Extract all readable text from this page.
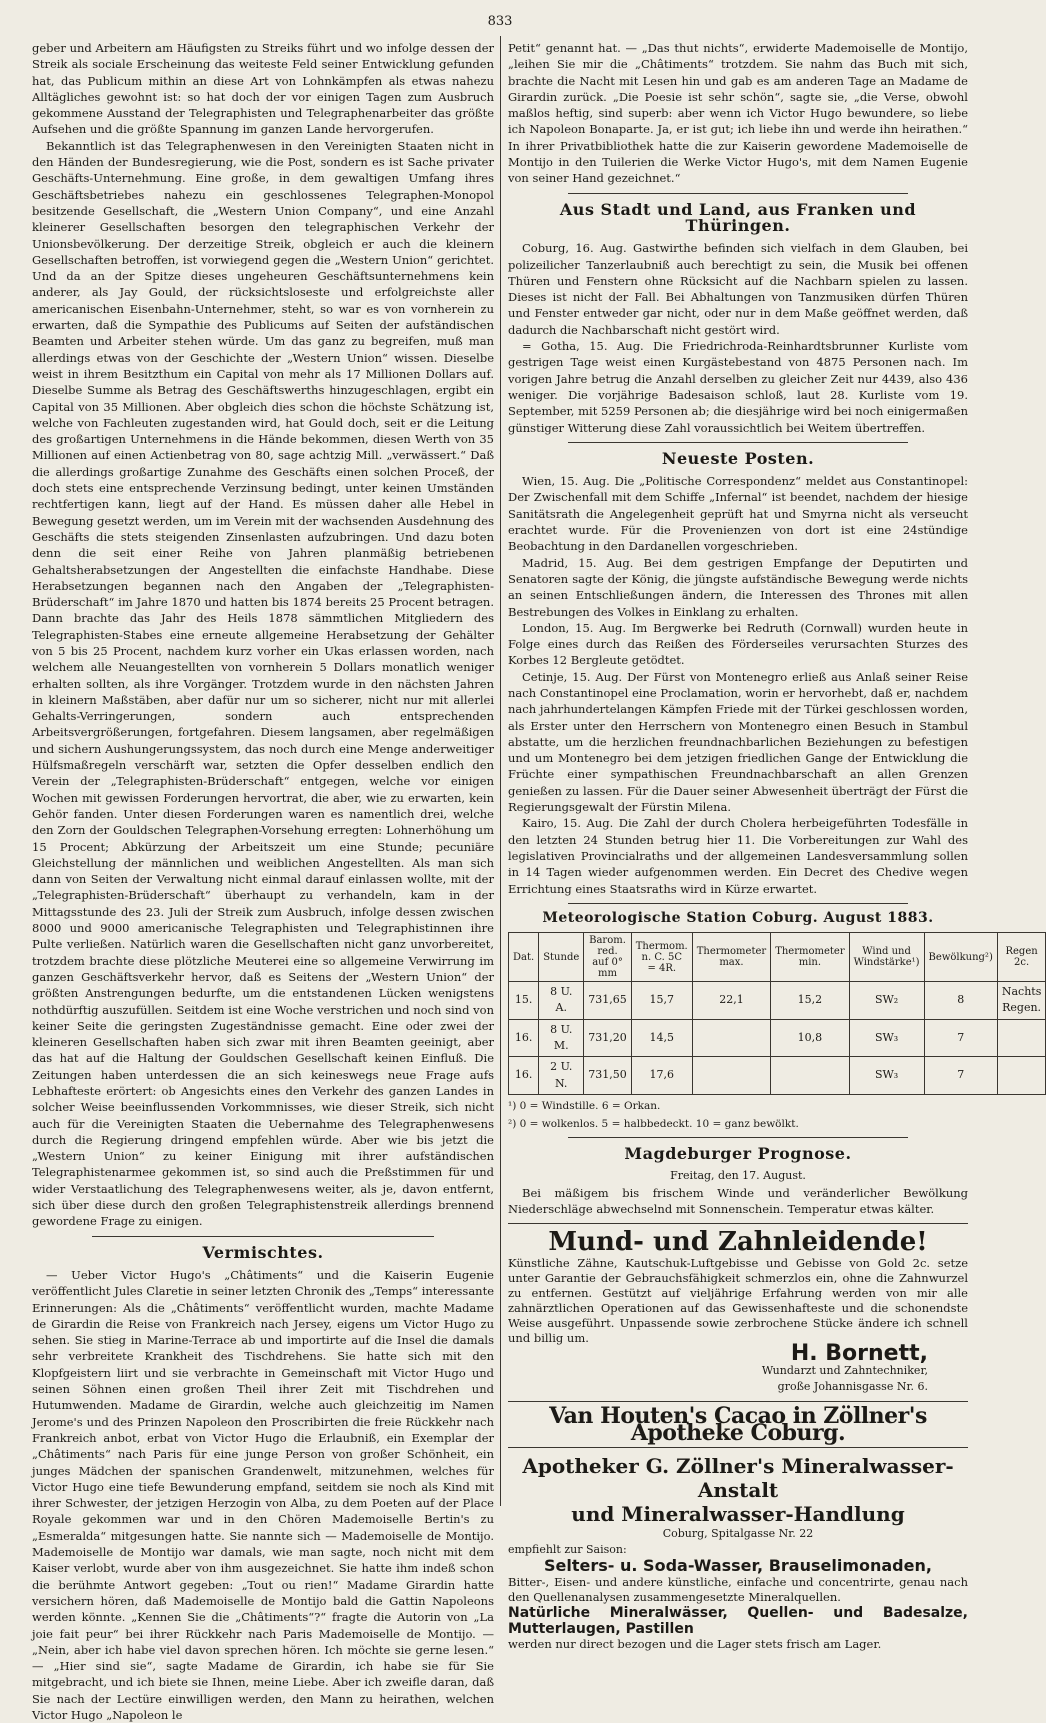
833

geber und Arbeitern am Häufigsten zu Streiks führt und wo infolge dessen der Streik als sociale Erscheinung das weiteste Feld seiner Entwicklung gefunden hat, das Publicum mithin an diese Art von Lohnkämpfen als etwas nahezu Alltägliches gewohnt ist: so hat doch der vor einigen Tagen zum Ausbruch gekommene Ausstand der Telegraphisten und Telegraphenarbeiter das größte Aufsehen und die größte Spannung im ganzen Lande hervorgerufen.

Bekanntlich ist das Telegraphenwesen in den Vereinigten Staaten nicht in den Händen der Bundesregierung, wie die Post, sondern es ist Sache privater Geschäfts-Unternehmung. Eine große, in dem gewaltigen Umfang ihres Geschäftsbetriebes nahezu ein geschlossenes Telegraphen-Monopol besitzende Gesellschaft, die „Western Union Company“, und eine Anzahl kleinerer Gesellschaften besorgen den telegraphischen Verkehr der Unionsbevölkerung. Der derzeitige Streik, obgleich er auch die kleinern Gesellschaften betroffen, ist vorwiegend gegen die „Western Union“ gerichtet. Und da an der Spitze dieses ungeheuren Geschäftsunternehmens kein anderer, als Jay Gould, der rücksichtsloseste und erfolgreichste aller americanischen Eisenbahn-Unternehmer, steht, so war es von vornherein zu erwarten, daß die Sympathie des Publicums auf Seiten der aufständischen Beamten und Arbeiter stehen würde. Um das ganz zu begreifen, muß man allerdings etwas von der Geschichte der „Western Union“ wissen. Dieselbe weist in ihrem Besitzthum ein Capital von mehr als 17 Millionen Dollars auf. Dieselbe Summe als Betrag des Geschäftswerths hinzugeschlagen, ergibt ein Capital von 35 Millionen. Aber obgleich dies schon die höchste Schätzung ist, welche von Fachleuten zugestanden wird, hat Gould doch, seit er die Leitung des großartigen Unternehmens in die Hände bekommen, diesen Werth von 35 Millionen auf einen Actienbetrag von 80, sage achtzig Mill. „verwässert.“ Daß die allerdings großartige Zunahme des Geschäfts einen solchen Proceß, der doch stets eine entsprechende Verzinsung bedingt, unter keinen Umständen rechtfertigen kann, liegt auf der Hand. Es müssen daher alle Hebel in Bewegung gesetzt werden, um im Verein mit der wachsenden Ausdehnung des Geschäfts die stets steigenden Zinsenlasten aufzubringen. Und dazu boten denn die seit einer Reihe von Jahren planmäßig betriebenen Gehaltsherabsetzungen der Angestellten die einfachste Handhabe. Diese Herabsetzungen begannen nach den Angaben der „Telegraphisten-Brüderschaft“ im Jahre 1870 und hatten bis 1874 bereits 25 Procent betragen. Dann brachte das Jahr des Heils 1878 sämmtlichen Mitgliedern des Telegraphisten-Stabes eine erneute allgemeine Herabsetzung der Gehälter von 5 bis 25 Procent, nachdem kurz vorher ein Ukas erlassen worden, nach welchem alle Neuangestellten von vornherein 5 Dollars monatlich weniger erhalten sollten, als ihre Vorgänger. Trotzdem wurde in den nächsten Jahren in kleinern Maßstäben, aber dafür nur um so sicherer, nicht nur mit allerlei Gehalts-Verringerungen, sondern auch entsprechenden Arbeitsvergrößerungen, fortgefahren. Diesem langsamen, aber regelmäßigen und sichern Aushungerungssystem, das noch durch eine Menge anderweitiger Hülfsmaßregeln verschärft war, setzten die Opfer desselben endlich den Verein der „Telegraphisten-Brüderschaft“ entgegen, welche vor einigen Wochen mit gewissen Forderungen hervortrat, die aber, wie zu erwarten, kein Gehör fanden. Unter diesen Forderungen waren es namentlich drei, welche den Zorn der Gouldschen Telegraphen-Vorsehung erregten: Lohnerhöhung um 15 Procent; Abkürzung der Arbeitszeit um eine Stunde; pecuniäre Gleichstellung der männlichen und weiblichen Angestellten. Als man sich dann von Seiten der Verwaltung nicht einmal darauf einlassen wollte, mit der „Telegraphisten-Brüderschaft“ überhaupt zu verhandeln, kam in der Mittagsstunde des 23. Juli der Streik zum Ausbruch, infolge dessen zwischen 8000 und 9000 americanische Telegraphisten und Telegraphistinnen ihre Pulte verließen. Natürlich waren die Gesellschaften nicht ganz unvorbereitet, trotzdem brachte diese plötzliche Meuterei eine so allgemeine Verwirrung im ganzen Geschäftsverkehr hervor, daß es Seitens der „Western Union“ der größten Anstrengungen bedurfte, um die entstandenen Lücken wenigstens nothdürftig auszufüllen. Seitdem ist eine Woche verstrichen und noch sind von keiner Seite die geringsten Zugeständnisse gemacht. Eine oder zwei der kleineren Gesellschaften haben sich zwar mit ihren Beamten geeinigt, aber das hat auf die Haltung der Gouldschen Gesellschaft keinen Einfluß. Die Zeitungen haben unterdessen die an sich keineswegs neue Frage aufs Lebhafteste erörtert: ob Angesichts eines den Verkehr des ganzen Landes in solcher Weise beeinflussenden Vorkommnisses, wie dieser Streik, sich nicht auch für die Vereinigten Staaten die Uebernahme des Telegraphenwesens durch die Regierung dringend empfehlen würde. Aber wie bis jetzt die „Western Union“ zu keiner Einigung mit ihrer aufständischen Telegraphistenarmee gekommen ist, so sind auch die Preßstimmen für und wider Verstaatlichung des Telegraphenwesens weiter, als je, davon entfernt, sich über diese durch den großen Telegraphistenstreik allerdings brennend gewordene Frage zu einigen.

Vermischtes.

— Ueber Victor Hugo's „Châtiments“ und die Kaiserin Eugenie veröffentlicht Jules Claretie in seiner letzten Chronik des „Temps“ interessante Erinnerungen: Als die „Châtiments“ veröffentlicht wurden, machte Madame de Girardin die Reise von Frankreich nach Jersey, eigens um Victor Hugo zu sehen. Sie stieg in Marine-Terrace ab und importirte auf die Insel die damals sehr verbreitete Krankheit des Tischdrehens. Sie hatte sich mit den Klopfgeistern liirt und sie verbrachte in Gemeinschaft mit Victor Hugo und seinen Söhnen einen großen Theil ihrer Zeit mit Tischdrehen und Hutumwenden. Madame de Girardin, welche auch gleichzeitig im Namen Jerome's und des Prinzen Napoleon den Proscribirten die freie Rückkehr nach Frankreich anbot, erbat von Victor Hugo die Erlaubniß, ein Exemplar der „Châtiments“ nach Paris für eine junge Person von großer Schönheit, ein junges Mädchen der spanischen Grandenwelt, mitzunehmen, welches für Victor Hugo eine tiefe Bewunderung empfand, seitdem sie noch als Kind mit ihrer Schwester, der jetzigen Herzogin von Alba, zu dem Poeten auf der Place Royale gekommen war und in den Chören Mademoiselle Bertin's zu „Esmeralda“ mitgesungen hatte. Sie nannte sich — Mademoiselle de Montijo. Mademoiselle de Montijo war damals, wie man sagte, noch nicht mit dem Kaiser verlobt, wurde aber von ihm ausgezeichnet. Sie hatte ihm indeß schon die berühmte Antwort gegeben: „Tout ou rien!“ Madame Girardin hatte versichern hören, daß Mademoiselle de Montijo bald die Gattin Napoleons werden könnte. „Kennen Sie die „Châtiments“?“ fragte die Autorin von „La joie fait peur“ bei ihrer Rückkehr nach Paris Mademoiselle de Montijo. — „Nein, aber ich habe viel davon sprechen hören. Ich möchte sie gerne lesen.“ — „Hier sind sie“, sagte Madame de Girardin, ich habe sie für Sie mitgebracht, und ich biete sie Ihnen, meine Liebe. Aber ich zweifle daran, daß Sie nach der Lectüre einwilligen werden, den Mann zu heirathen, welchen Victor Hugo „Napoleon le

Petit“ genannt hat. — „Das thut nichts“, erwiderte Mademoiselle de Montijo, „leihen Sie mir die „Châtiments“ trotzdem. Sie nahm das Buch mit sich, brachte die Nacht mit Lesen hin und gab es am anderen Tage an Madame de Girardin zurück. „Die Poesie ist sehr schön“, sagte sie, „die Verse, obwohl maßlos heftig, sind superb: aber wenn ich Victor Hugo bewundere, so liebe ich Napoleon Bonaparte. Ja, er ist gut; ich liebe ihn und werde ihn heirathen.“ In ihrer Privatbibliothek hatte die zur Kaiserin gewordene Mademoiselle de Montijo in den Tuilerien die Werke Victor Hugo's, mit dem Namen Eugenie von seiner Hand gezeichnet.“

Aus Stadt und Land, aus Franken und Thüringen.

Coburg, 16. Aug. Gastwirthe befinden sich vielfach in dem Glauben, bei polizeilicher Tanzerlaubniß auch berechtigt zu sein, die Musik bei offenen Thüren und Fenstern ohne Rücksicht auf die Nachbarn spielen zu lassen. Dieses ist nicht der Fall. Bei Abhaltungen von Tanzmusiken dürfen Thüren und Fenster entweder gar nicht, oder nur in dem Maße geöffnet werden, daß dadurch die Nachbarschaft nicht gestört wird.

= Gotha, 15. Aug. Die Friedrichroda-Reinhardtsbrunner Kurliste vom gestrigen Tage weist einen Kurgästebestand von 4875 Personen nach. Im vorigen Jahre betrug die Anzahl derselben zu gleicher Zeit nur 4439, also 436 weniger. Die vorjährige Badesaison schloß, laut 28. Kurliste vom 19. September, mit 5259 Personen ab; die diesjährige wird bei noch einigermaßen günstiger Witterung diese Zahl voraussichtlich bei Weitem übertreffen.

Neueste Posten.

Wien, 15. Aug. Die „Politische Correspondenz“ meldet aus Constantinopel: Der Zwischenfall mit dem Schiffe „Infernal“ ist beendet, nachdem der hiesige Sanitätsrath die Angelegenheit geprüft hat und Smyrna nicht als verseucht erachtet wurde. Für die Provenienzen von dort ist eine 24stündige Beobachtung in den Dardanellen vorgeschrieben.

Madrid, 15. Aug. Bei dem gestrigen Empfange der Deputirten und Senatoren sagte der König, die jüngste aufständische Bewegung werde nichts an seinen Entschließungen ändern, die Interessen des Thrones mit allen Bestrebungen des Volkes in Einklang zu erhalten.

London, 15. Aug. Im Bergwerke bei Redruth (Cornwall) wurden heute in Folge eines durch das Reißen des Förderseiles verursachten Sturzes des Korbes 12 Bergleute getödtet.

Cetinje, 15. Aug. Der Fürst von Montenegro erließ aus Anlaß seiner Reise nach Constantinopel eine Proclamation, worin er hervorhebt, daß er, nachdem nach jahrhundertelangen Kämpfen Friede mit der Türkei geschlossen worden, als Erster unter den Herrschern von Montenegro einen Besuch in Stambul abstatte, um die herzlichen freundnachbarlichen Beziehungen zu befestigen und um Montenegro bei dem jetzigen friedlichen Gange der Entwicklung die Früchte einer sympathischen Freundnachbarschaft an allen Grenzen genießen zu lassen. Für die Dauer seiner Abwesenheit überträgt der Fürst die Regierungsgewalt der Fürstin Milena.

Kairo, 15. Aug. Die Zahl der durch Cholera herbeigeführten Todesfälle in den letzten 24 Stunden betrug hier 11. Die Vorbereitungen zur Wahl des legislativen Provincialraths und der allgemeinen Landesversammlung sollen in 14 Tagen wieder aufgenommen werden. Ein Decret des Chedive wegen Errichtung eines Staatsraths wird in Kürze erwartet.

Meteorologische Station Coburg. August 1883.
Dat.	Stunde	Barom. red. auf 0° mm	Thermom. n. C. 5C = 4R.	Thermometer max.	Thermometer min.	Wind und Windstärke¹)	Bewölkung²)	Regen 2c.
15.	8 U. A.	731,65	15,7	22,1	15,2	SW₂	8	Nachts Regen.
16.	8 U. M.	731,20	14,5		10,8	SW₃	7	
16.	2 U. N.	731,50	17,6			SW₃	7	
¹) 0 = Windstille. 6 = Orkan.
²) 0 = wolkenlos. 5 = halbbedeckt. 10 = ganz bewölkt.
Magdeburger Prognose.
Freitag, den 17. August.

Bei mäßigem bis frischem Winde und veränderlicher Bewölkung Niederschläge abwechselnd mit Sonnenschein. Temperatur etwas kälter.

Mund- und Zahnleidende!
Künstliche Zähne, Kautschuk-Luftgebisse und Gebisse von Gold 2c. setze unter Garantie der Gebrauchsfähigkeit schmerzlos ein, ohne die Zahnwurzel zu entfernen. Gestützt auf vieljährige Erfahrung werden von mir alle zahnärztlichen Operationen auf das Gewissenhafteste und die schonendste Weise ausgeführt. Unpassende sowie zerbrochene Stücke ändere ich schnell und billig um.
H. Bornett,
Wundarzt und Zahntechniker,
große Johannisgasse Nr. 6.
Van Houten's Cacao in Zöllner's Apotheke Coburg.
Apotheker G. Zöllner's Mineralwasser-Anstalt
und Mineralwasser-Handlung
Coburg, Spitalgasse Nr. 22
empfiehlt zur Saison:
Selters- u. Soda-Wasser, Brauselimonaden,
Bitter-, Eisen- und andere künstliche, einfache und concentrirte, genau nach den Quellenanalysen zusammengesetzte Mineralquellen.
Natürliche Mineralwässer, Quellen- und Badesalze, Mutterlaugen, Pastillen
werden nur direct bezogen und die Lager stets frisch am Lager.
